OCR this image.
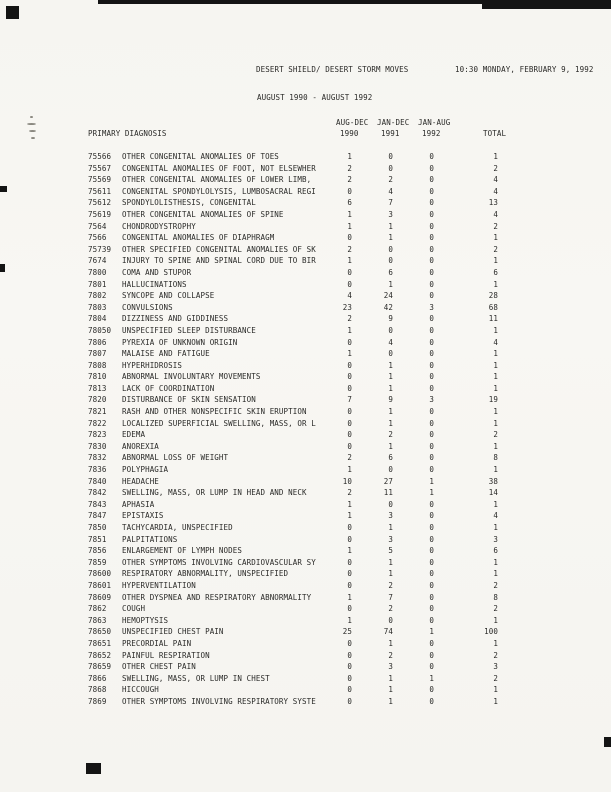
DESERT SHIELD/ DESERT STORM MOVES	10:30 MONDAY, FEBRUARY 9, 1992
AUGUST 1990 - AUGUST 1992
AUG-DEC JAN-DEC JAN-AUG
PRIMARY DIAGNOSIS	1990	1991	1992	TOTAL
75566	OTHER CONGENITAL ANOMALIES OF TOES	1	0	0	1
75567	CONGENITAL ANOMALIES OF FOOT, NOT ELSEWHER	2	0	0	2
75569	OTHER CONGENITAL ANOMALIES OF LOWER LIMB,	2	2	0	4
75611	CONGENITAL SPONDYLOLYSIS, LUMBOSACRAL REGI	0	4	0	4
75612	SPONDYLOLISTHESIS, CONGENITAL	6	7	0	13
75619	OTHER CONGENITAL ANOMALIES OF SPINE	1	3	0	4
7564	CHONDRODYSTROPHY	1	1	0	2
7566	CONGENITAL ANOMALIES OF DIAPHRAGM	0	1	0	1
75739	OTHER SPECIFIED CONGENITAL ANOMALIES OF SK	2	0	0	2
7674	INJURY TO SPINE AND SPINAL CORD DUE TO BIR	1	0	0	1
7800	COMA AND STUPOR	0	6	0	6
7801	HALLUCINATIONS	0	1	0	1
7802	SYNCOPE AND COLLAPSE	4	24	0	28
7803	CONVULSIONS	23	42	3	68
7804	DIZZINESS AND GIDDINESS	2	9	0	11
78050	UNSPECIFIED SLEEP DISTURBANCE	1	0	0	1
7806	PYREXIA OF UNKNOWN ORIGIN	0	4	0	4
7807	MALAISE AND FATIGUE	1	0	0	1
7808	HYPERHIDROSIS	0	1	0	1
7810	ABNORMAL INVOLUNTARY MOVEMENTS	0	1	0	1
7813	LACK OF COORDINATION	0	1	0	1
7820	DISTURBANCE OF SKIN SENSATION	7	9	3	19
7821	RASH AND OTHER NONSPECIFIC SKIN ERUPTION	0	1	0	1
7822	LOCALIZED SUPERFICIAL SWELLING, MASS, OR L	0	1	0	1
7823	EDEMA	0	2	0	2
7830	ANOREXIA	0	1	0	1
7832	ABNORMAL LOSS OF WEIGHT	2	6	0	8
7836	POLYPHAGIA	1	0	0	1
7840	HEADACHE	10	27	1	38
7842	SWELLING, MASS, OR LUMP IN HEAD AND NECK	2	11	1	14
7843	APHASIA	1	0	0	1
7847	EPISTAXIS	1	3	0	4
7850	TACHYCARDIA, UNSPECIFIED	0	1	0	1
7851	PALPITATIONS	0	3	0	3
7856	ENLARGEMENT OF LYMPH NODES	1	5	0	6
7859	OTHER SYMPTOMS INVOLVING CARDIOVASCULAR SY	0	1	0	1
78600	RESPIRATORY ABNORMALITY, UNSPECIFIED	0	1	0	1
78601	HYPERVENTILATION	0	2	0	2
78609	OTHER DYSPNEA AND RESPIRATORY ABNORMALITY	1	7	0	8
7862	COUGH	0	2	0	2
7863	HEMOPTYSIS	1	0	0	1
78650	UNSPECIFIED CHEST PAIN	25	74	1	100
78651	PRECORDIAL PAIN	0	1	0	1
78652	PAINFUL RESPIRATION	0	2	0	2
78659	OTHER CHEST PAIN	0	3	0	3
7866	SWELLING, MASS, OR LUMP IN CHEST	0	1	1	2
7868	HICCOUGH	0	1	0	1
7869	OTHER SYMPTOMS INVOLVING RESPIRATORY SYSTE	0	1	0	1
